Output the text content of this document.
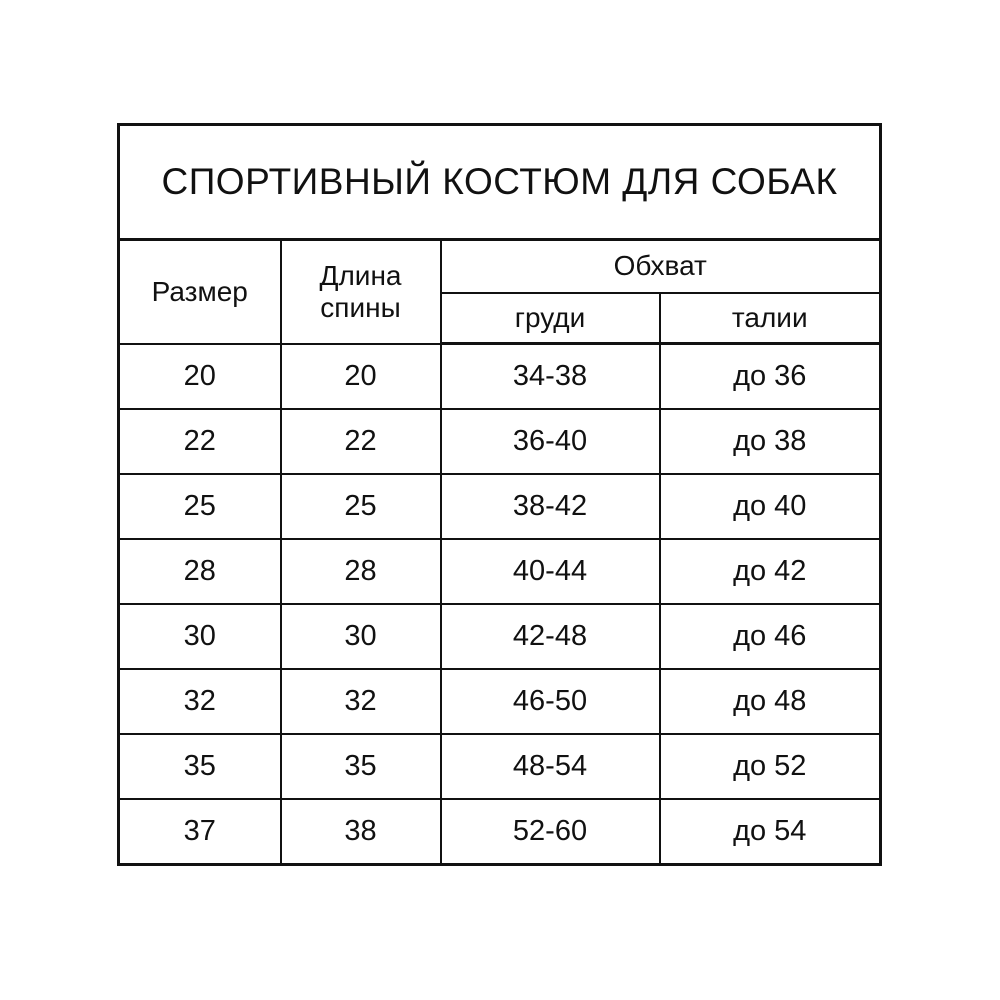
СПОРТИВНЫЙ КОСТЮМ ДЛЯ СОБАК			
Размер	Длина спины	Обхват	
		груди	талии
20	20	34-38	до 36
22	22	36-40	до 38
25	25	38-42	до 40
28	28	40-44	до 42
30	30	42-48	до 46
32	32	46-50	до 48
35	35	48-54	до 52
37	38	52-60	до 54
